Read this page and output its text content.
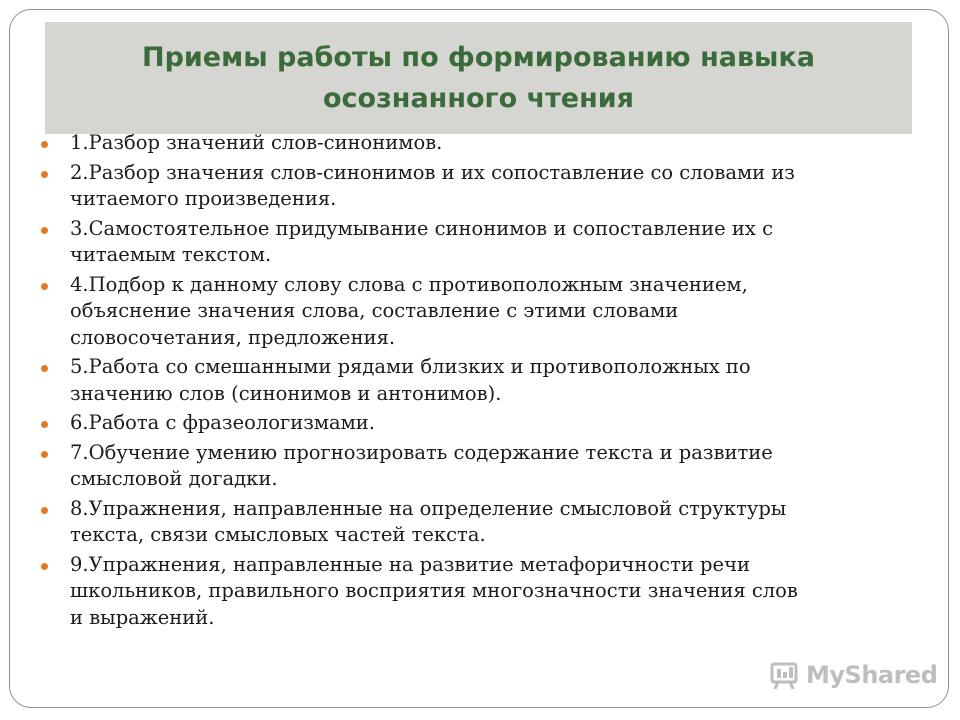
Приемы работы по формированию навыка
осознанного чтения
1.Разбор значений слов-синонимов.
2.Разбор значения слов-синонимов и их сопоставление со словами из
читаемого произведения.
3.Самостоятельное придумывание синонимов и сопоставление их с
читаемым текстом.
4.Подбор к данному слову слова с противоположным значением,
объяснение значения слова, составление с этими словами
словосочетания, предложения.
5.Работа со смешанными рядами близких и противоположных по
значению слов (синонимов и антонимов).
6.Работа с фразеологизмами.
7.Обучение умению прогнозировать содержание текста и развитие
смысловой догадки.
8.Упражнения, направленные на определение смысловой структуры
текста, связи смысловых частей текста.
9.Упражнения, направленные на развитие метафоричности речи
школьников, правильного восприятия многозначности значения слов
и выражений.
MyShared
